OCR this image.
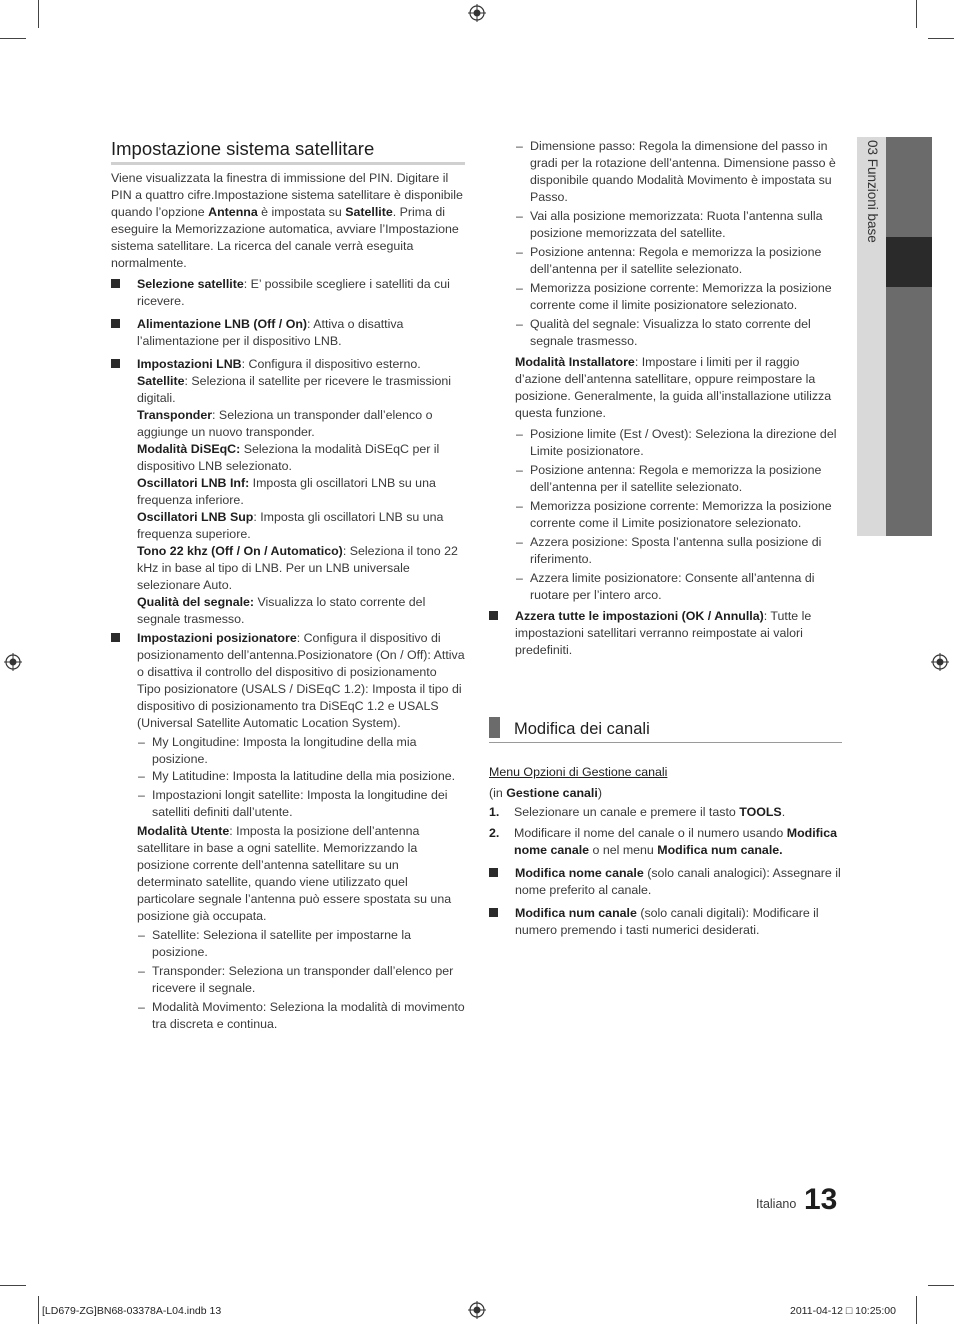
03 Funzioni base
Impostazione sistema satellitare

Viene visualizzata la finestra di immissione del PIN. Digitare il PIN a quattro cifre.Impostazione sistema satellitare è disponibile quando l’opzione Antenna è impostata su Satellite. Prima di eseguire la Memorizzazione automatica, avviare l’Impostazione sistema satellitare. La ricerca del canale verrà eseguita normalmente.

Selezione satellite: E’ possibile scegliere i satelliti da cui ricevere.
Alimentazione LNB (Off / On): Attiva o disattiva l’alimentazione per il dispositivo LNB.

Impostazioni LNB: Configura il dispositivo esterno.

Satellite: Seleziona il satellite per ricevere le trasmissioni digitali.

Transponder: Seleziona un transponder dall’elenco o aggiunge un nuovo transponder.

Modalità DiSEqC: Seleziona la modalità DiSEqC per il dispositivo LNB selezionato.

Oscillatori LNB Inf: Imposta gli oscillatori LNB su una frequenza inferiore.

Oscillatori LNB Sup: Imposta gli oscillatori LNB su una frequenza superiore.

Tono 22 khz (Off / On / Automatico): Seleziona il tono 22 kHz in base al tipo di LNB. Per un LNB universale selezionare Auto.

Qualità del segnale: Visualizza lo stato corrente del segnale trasmesso.

Impostazioni posizionatore: Configura il dispositivo di posizionamento dell’antenna.Posizionatore (On / Off): Attiva o disattiva il controllo del dispositivo di posizionamento

Tipo posizionatore (USALS / DiSEqC 1.2): Imposta il tipo di dispositivo di posizionamento tra DiSEqC 1.2 e USALS (Universal Satellite Automatic Location System).

– My Longitudine: Imposta la longitudine della mia posizione.
– My Latitudine: Imposta la latitudine della mia posizione.
– Impostazioni longit satellite: Imposta la longitudine dei satelliti definiti dall’utente.
Modalità Utente: Imposta la posizione dell’antenna satellitare in base a ogni satellite. Memorizzando la posizione corrente dell’antenna satellitare su un determinato satellite, quando viene utilizzato quel particolare segnale l’antenna può essere spostata su una posizione già occupata.
– Satellite: Seleziona il satellite per impostarne la posizione.
– Transponder: Seleziona un transponder dall’elenco per ricevere il segnale.
– Modalità Movimento: Seleziona la modalità di movimento tra discreta e continua.
– Dimensione passo: Regola la dimensione del passo in gradi per la rotazione dell’antenna. Dimensione passo è disponibile quando Modalità Movimento è impostata su Passo.
– Vai alla posizione memorizzata: Ruota l’antenna sulla posizione memorizzata del satellite.
– Posizione antenna: Regola e memorizza la posizione dell’antenna per il satellite selezionato.
– Memorizza posizione corrente: Memorizza la posizione corrente come il limite posizionatore selezionato.
– Qualità del segnale: Visualizza lo stato corrente del segnale trasmesso.
Modalità Installatore: Impostare i limiti per il raggio d’azione dell’antenna satellitare, oppure reimpostare la posizione. Generalmente, la guida all’installazione utilizza questa funzione.
– Posizione limite (Est / Ovest): Seleziona la direzione del Limite posizionatore.
– Posizione antenna: Regola e memorizza la posizione dell’antenna per il satellite selezionato.
– Memorizza posizione corrente: Memorizza la posizione corrente come il Limite posizionatore selezionato.
– Azzera posizione: Sposta l’antenna sulla posizione di riferimento.
– Azzera limite posizionatore: Consente all’antenna di ruotare per l’intero arco.
Azzera tutte le impostazioni (OK / Annulla): Tutte le impostazioni satellitari verranno reimpostate ai valori predefiniti.
Modifica dei canali

Menu Opzioni di Gestione canali

(in Gestione canali)

1. Selezionare un canale e premere il tasto TOOLS.
2. Modificare il nome del canale o il numero usando Modifica nome canale o nel menu Modifica num canale.
Modifica nome canale (solo canali analogici): Assegnare il nome preferito al canale.
Modifica num canale (solo canali digitali): Modificare il numero premendo i tasti numerici desiderati.
Italiano 13
[LD679-ZG]BN68-03378A-L04.indb 13	2011-04-12 □ 10:25:00
